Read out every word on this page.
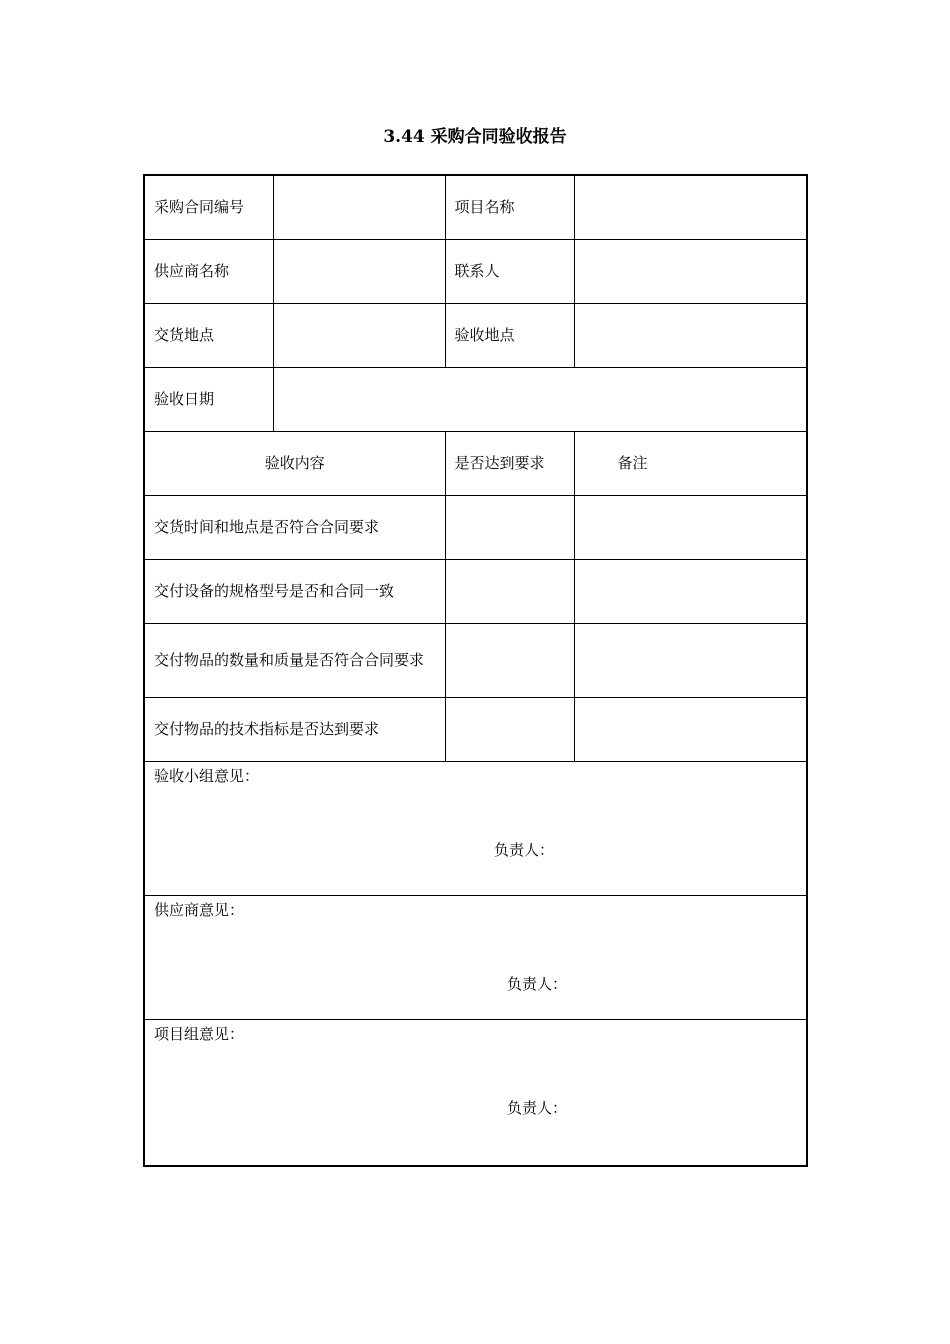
3.44 采购合同验收报告
采购合同编号		项目名称	
供应商名称		联系人	
交货地点		验收地点	
验收日期			
验收内容		是否达到要求	备注
交货时间和地点是否符合合同要求			
交付设备的规格型号是否和合同一致			
交付物品的数量和质量是否符合合同要求			
交付物品的技术指标是否达到要求			

验收小组意见：
负责人：			

供应商意见：
负责人：			

项目组意见：
负责人：			
